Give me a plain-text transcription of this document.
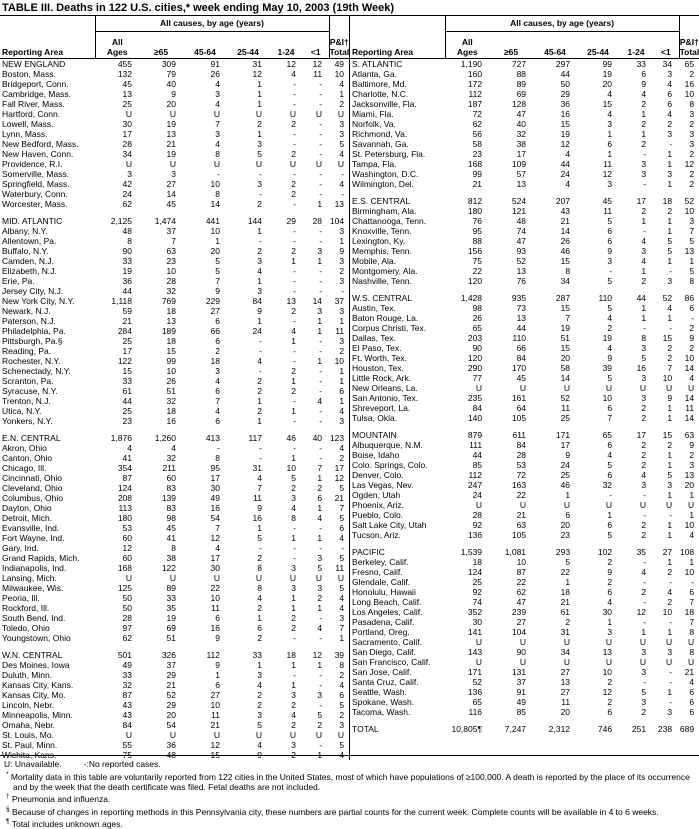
TABLE III. Deaths in 122 U.S. cities,* week ending May 10, 2003 (19th Week)
	All causes, by age (years)						
Reporting Area	All
Ages	≥65	45-64	25-44	1-24	<1	P&I†
Total
NEW ENGLAND	455	309	91	31	12	12	49
Boston, Mass.	132	79	26	12	4	11	10
Bridgeport, Conn.	45	40	4	1	-	-	4
Cambridge, Mass.	13	9	3	1	-	-	1
Fall River, Mass.	25	20	4	1	-	-	2
Hartford, Conn.	U	U	U	U	U	U	U
Lowell, Mass.	30	19	7	2	2	-	3
Lynn, Mass.	17	13	3	1	-	-	3
New Bedford, Mass.	28	21	4	3	-	-	5
New Haven, Conn.	34	19	8	5	2	-	4
Providence, R.I.	U	U	U	U	U	U	U
Somerville, Mass.	3	3	-	-	-	-	-
Springfield, Mass.	42	27	10	3	2	-	4
Waterbury, Conn.	24	14	8	-	2	-	-
Worcester, Mass.	62	45	14	2	-	1	13

MID. ATLANTIC	2,125	1,474	441	144	29	28	104
Albany, N.Y.	48	37	10	1	-	-	3
Allentown, Pa.	8	7	1	-	-	-	1
Buffalo, N.Y.	90	63	20	2	2	3	9
Camden, N.J.	33	23	5	3	1	1	3
Elizabeth, N.J.	19	10	5	4	-	-	2
Erie, Pa.	36	28	7	1	-	-	3
Jersey City, N.J.	44	32	9	3	-	-	-
New York City, N.Y.	1,118	769	229	84	13	14	37
Newark, N.J.	59	18	27	9	2	3	3
Paterson, N.J.	21	13	6	1	-	1	1
Philadelphia, Pa.	284	189	66	24	4	1	11
Pittsburgh, Pa.§	25	18	6	-	1	-	3
Reading, Pa.	17	15	2	-	-	-	2
Rochester, N.Y.	122	99	18	4	-	1	10
Schenectady, N.Y.	15	10	3	-	2	-	1
Scranton, Pa.	33	26	4	2	1	-	1
Syracuse, N.Y.	61	51	6	2	2	-	6
Trenton, N.J.	44	32	7	1	-	4	1
Utica, N.Y.	25	18	4	2	1	-	4
Yonkers, N.Y.	23	16	6	1	-	-	3

E.N. CENTRAL	1,876	1,260	413	117	46	40	123
Akron, Ohio	4	4	-	-	-	-	4
Canton, Ohio	41	32	8	-	1	-	2
Chicago, Ill.	354	211	95	31	10	7	17
Cincinnati, Ohio	87	60	17	4	5	1	12
Cleveland, Ohio	124	83	30	7	2	2	5
Columbus, Ohio	208	139	49	11	3	6	21
Dayton, Ohio	113	83	16	9	4	1	7
Detroit, Mich.	180	98	54	16	8	4	5
Evansville, Ind.	53	45	7	1	-	-	6
Fort Wayne, Ind.	60	41	12	5	1	1	4
Gary, Ind.	12	8	4	-	-	-	-
Grand Rapids, Mich.	60	38	17	2	-	3	5
Indianapolis, Ind.	168	122	30	8	3	5	11
Lansing, Mich.	U	U	U	U	U	U	U
Milwaukee, Wis.	125	89	22	8	3	3	5
Peoria, Ill.	50	33	10	4	1	2	4
Rockford, Ill.	50	35	11	2	1	1	4
South Bend, Ind.	28	19	6	1	2	-	3
Toledo, Ohio	97	69	16	6	2	4	7
Youngstown, Ohio	62	51	9	2	-	-	1

W.N. CENTRAL	501	326	112	33	18	12	39
Des Moines, Iowa	49	37	9	1	1	1	8
Duluth, Minn.	33	29	1	3	-	-	2
Kansas City, Kans.	32	21	6	4	1	-	4
Kansas City, Mo.	87	52	27	2	3	3	6
Lincoln, Nebr.	43	29	10	2	2	-	5
Minneapolis, Minn.	43	20	11	3	4	5	2
Omaha, Nebr.	84	54	21	5	2	2	3
St. Louis, Mo.	U	U	U	U	U	U	U
St. Paul, Minn.	55	36	12	4	3	-	5
Wichita, Kans.	75	48	15	9	2	1	4
	All causes, by age (years)						
Reporting Area	All
Ages	≥65	45-64	25-44	1-24	<1	P&I†
Total
S. ATLANTIC	1,190	727	297	99	33	34	65
Atlanta, Ga.	160	88	44	19	6	3	2
Baltimore, Md.	172	89	50	20	9	4	16
Charlotte, N.C.	112	69	29	4	4	6	10
Jacksonville, Fla.	187	128	36	15	2	6	8
Miami, Fla.	72	47	16	4	1	4	3
Norfolk, Va.	62	40	15	3	2	2	2
Richmond, Va.	56	32	19	1	1	3	3
Savannah, Ga.	58	38	12	6	2	-	3
St. Petersburg, Fla.	23	17	4	1	-	1	2
Tampa, Fla.	168	109	44	11	3	1	12
Washington, D.C.	99	57	24	12	3	3	2
Wilmington, Del.	21	13	4	3	-	1	2

E.S. CENTRAL	812	524	207	45	17	18	52
Birmingham, Ala.	180	121	43	11	2	2	10
Chattanooga, Tenn.	76	48	21	5	1	1	3
Knoxville, Tenn.	95	74	14	6	-	1	7
Lexington, Ky.	88	47	26	6	4	5	5
Memphis, Tenn.	156	93	46	9	3	5	13
Mobile, Ala.	75	52	15	3	4	1	1
Montgomery, Ala.	22	13	8	-	1	-	5
Nashville, Tenn.	120	76	34	5	2	3	8

W.S. CENTRAL	1,428	935	287	110	44	52	86
Austin, Tex.	98	73	15	5	1	4	6
Baton Rouge, La.	26	13	7	4	1	1	-
Corpus Christi, Tex.	65	44	19	2	-	-	2
Dallas, Tex.	203	110	51	19	8	15	9
El Paso, Tex.	90	66	15	4	3	2	2
Ft. Worth, Tex.	120	84	20	9	5	2	10
Houston, Tex.	290	170	58	39	16	7	14
Little Rock, Ark.	77	45	14	5	3	10	4
New Orleans, La.	U	U	U	U	U	U	U
San Antonio, Tex.	235	161	52	10	3	9	14
Shreveport, La.	84	64	11	6	2	1	11
Tulsa, Okla.	140	105	25	7	2	1	14

MOUNTAIN	879	611	171	65	17	15	63
Albuquerque, N.M.	111	84	17	6	2	2	9
Boise, Idaho	44	28	9	4	2	1	2
Colo. Springs, Colo.	85	53	24	5	2	1	3
Denver, Colo.	112	72	25	6	4	5	13
Las Vegas, Nev.	247	163	46	32	3	3	20
Ogden, Utah	24	22	1	-	-	1	1
Phoenix, Ariz.	U	U	U	U	U	U	U
Pueblo, Colo.	28	21	6	1	-	-	1
Salt Lake City, Utah	92	63	20	6	2	1	10
Tucson, Ariz.	136	105	23	5	2	1	4

PACIFIC	1,539	1,081	293	102	35	27	108
Berkeley, Calif.	18	10	5	2	-	1	1
Fresno, Calif.	124	87	22	9	4	2	10
Glendale, Calif.	25	22	1	2	-	-	-
Honolulu, Hawaii	92	62	18	6	2	4	6
Long Beach, Calif.	74	47	21	4	-	2	7
Los Angeles, Calif.	352	239	61	30	12	10	18
Pasadena, Calif.	30	27	2	1	-	-	7
Portland, Oreg.	141	104	31	3	1	1	8
Sacramento, Calif.	U	U	U	U	U	U	U
San Diego, Calif.	143	90	34	13	3	3	8
San Francisco, Calif.	U	U	U	U	U	U	U
San Jose, Calif.	171	131	27	10	3	-	21
Santa Cruz, Calif.	52	37	13	2	-	-	4
Seattle, Wash.	136	91	27	12	5	1	6
Spokane, Wash.	65	49	11	2	3	-	6
Tacoma, Wash.	116	85	20	6	2	3	6

TOTAL	10,805¶	7,247	2,312	746	251	238	689
U: Unavailable.	-:No reported cases.
* Mortality data in this table are voluntarily reported from 122 cities in the United States, most of which have populations of ≥100,000. A death is reported by the place of its occurrence and by the week that the death certificate was filed. Fetal deaths are not included.
† Pneumonia and influenza.
§ Because of changes in reporting methods in this Pennsylvania city, these numbers are partial counts for the current week. Complete counts will be available in 4 to 6 weeks.
¶ Total includes unknown ages.
